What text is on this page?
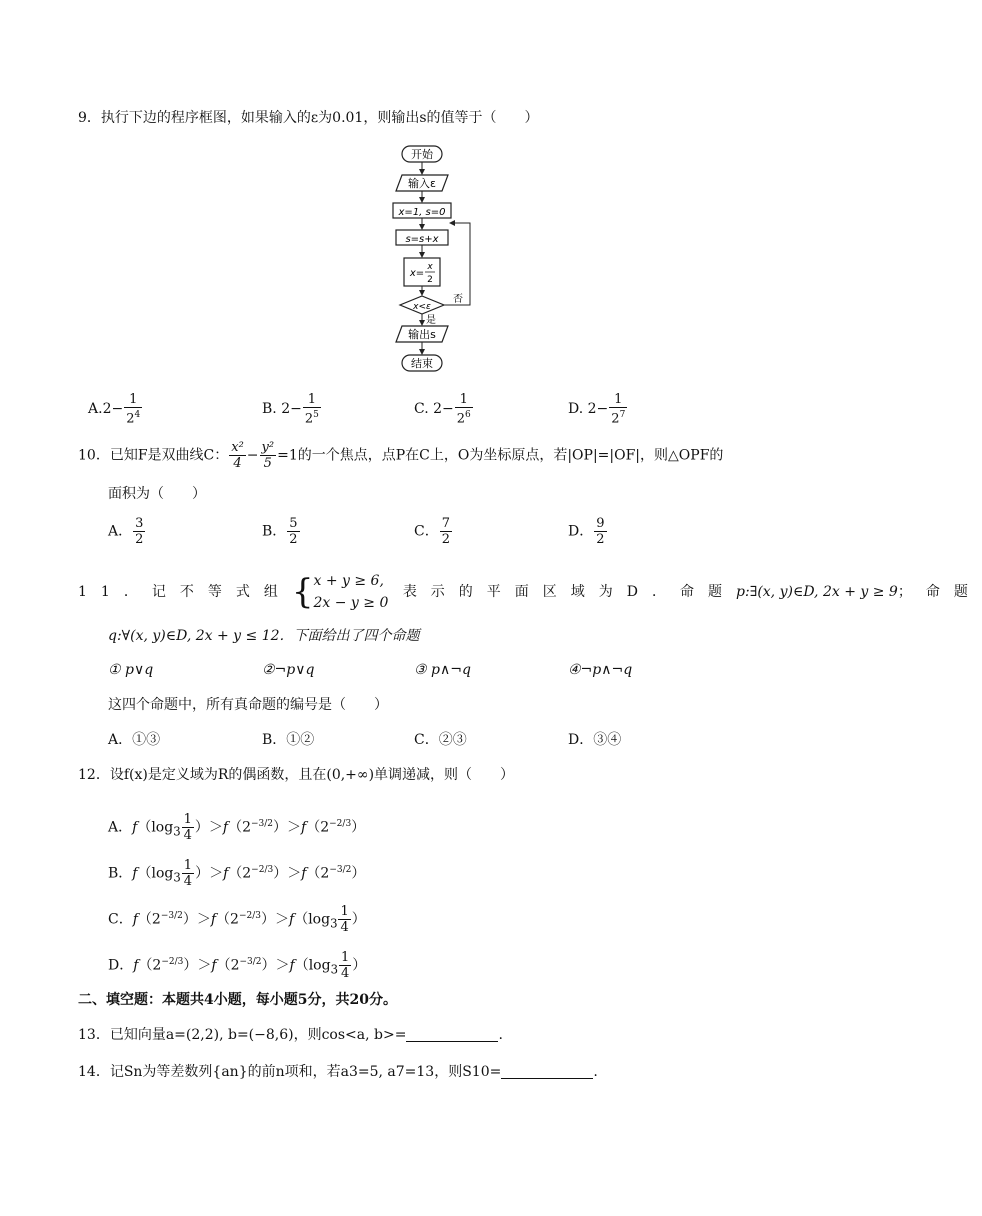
9．执行下边的程序框图，如果输入的ε为0.01，则输出s的值等于（　　）
开始
输入ε
x=1, s=0
s=s+x
x=
x
2
x<ε
否
是
输出s
结束
$A.2- \frac{1}{2^4}$	B. $2- \frac{1}{2^5}$	C. $2- \frac{1}{2^6}$	D. $2- \frac{1}{2^7}$
10．已知F是双曲线C： $\frac{\text{x²}}{4} - \frac{\text{y²}}{5} =1$的一个焦点，点P在C上，O为坐标原点，若|OP|=|OF|，则△OPF的
面积为（　　）
A． $\frac{3}{2}$	B． $\frac{5}{2}$	C． $\frac{7}{2}$	D． $\frac{9}{2}$
11．记不等式组{ x + y ≥ 6,
2x − y ≥ 0
表示的平面区域为D．命题p:∃(x, y)∈D, 2x + y ≥ 9；命题
q:∀(x, y)∈D, 2x + y ≤ 12．下面给出了四个命题
① p∨q	②¬p∨q	③ p∧¬q	④¬p∧¬q
这四个命题中，所有真命题的编号是（　　）
A．①③	B．①②	C．②③	D．③④
12．设f(x)是定义域为R的偶函数，且在(0,+∞)单调递减，则（　　）
A．$f(\log_3 \frac{1}{4} )>f(2^{-3/2})>f(2^{-2/3})$
B．$f(\log_3 \frac{1}{4} )>f(2^{-2/3})>f(2^{-3/2})$
C．$f(2^{-3/2})>f(2^{-2/3})>f(\log_3 \frac{1}{4}$ ）
D．$f(2^{-2/3})>f(2^{-3/2})>f(\log_3 \frac{1}{4}$ ）
二、填空题：本题共4小题，每小题5分，共20分。
13．已知向量a=(2,2), b=(−8,6)，则cos<a, b>=	.
14．记Sn为等差数列{an}的前n项和，若a3=5, a7=13，则S10=	.
